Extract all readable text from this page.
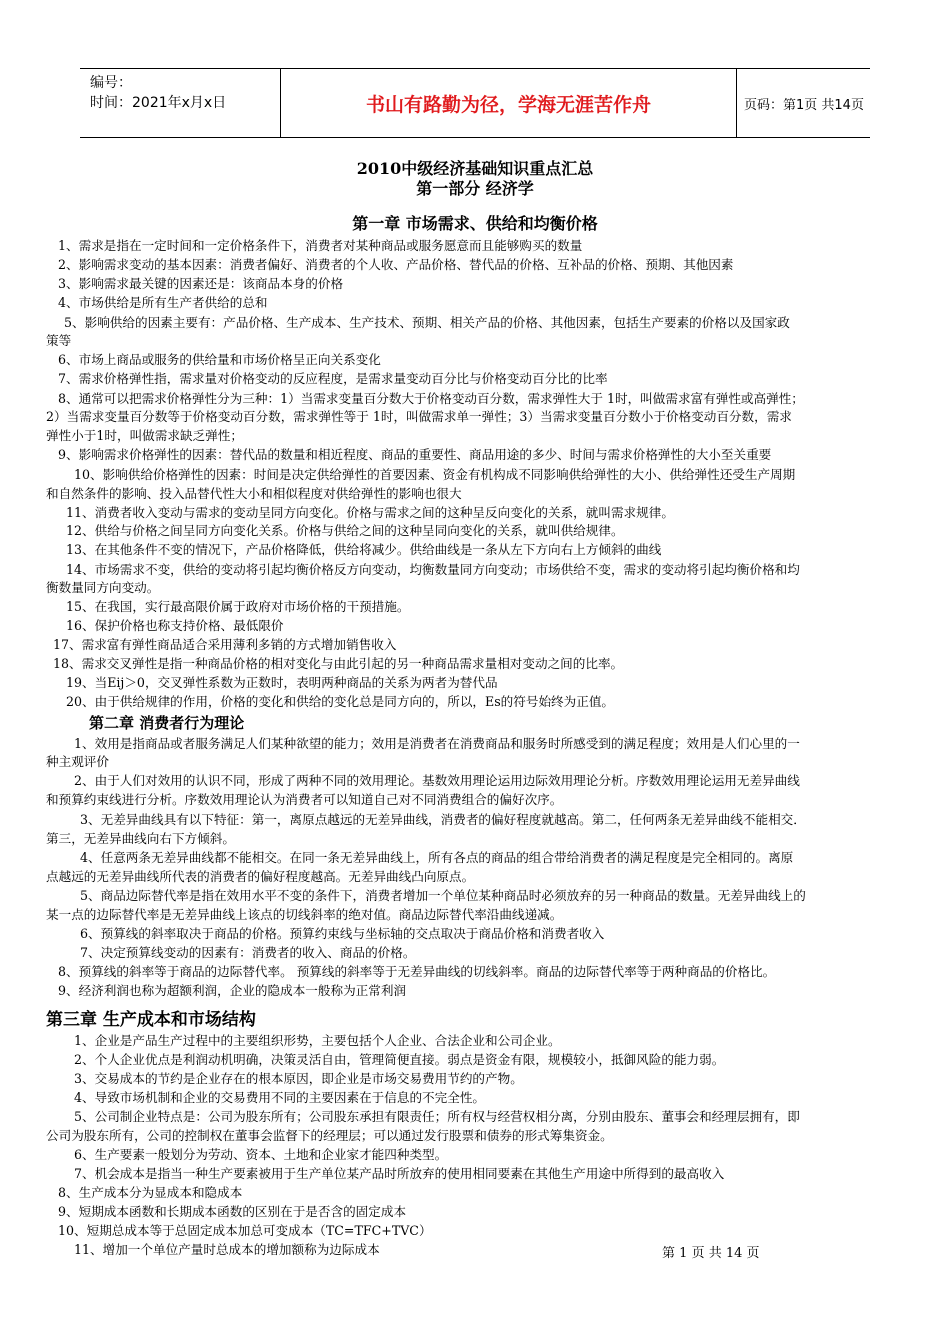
编号：
时间：2021年x月x日	书山有路勤为径，学海无涯苦作舟	页码：第1页 共14页
2010中级经济基础知识重点汇总
第一部分 经济学
第一章 市场需求、供给和均衡价格
1、需求是指在一定时间和一定价格条件下，消费者对某种商品或服务愿意而且能够购买的数量
2、影响需求变动的基本因素：消费者偏好、消费者的个人收、产品价格、替代品的价格、互补品的价格、预期、其他因素
3、影响需求最关键的因素还是：该商品本身的价格
4、市场供给是所有生产者供给的总和
5、影响供给的因素主要有：产品价格、生产成本、生产技术、预期、相关产品的价格、其他因素，包括生产要素的价格以及国家政
策等
6、市场上商品或服务的供给量和市场价格呈正向关系变化
7、需求价格弹性指，需求量对价格变动的反应程度，是需求量变动百分比与价格变动百分比的比率
8、通常可以把需求价格弹性分为三种：1）当需求变量百分数大于价格变动百分数，需求弹性大于 1时，叫做需求富有弹性或高弹性；
2）当需求变量百分数等于价格变动百分数，需求弹性等于 1时，叫做需求单一弹性；3）当需求变量百分数小于价格变动百分数，需求
弹性小于1时，叫做需求缺乏弹性；
9、影响需求价格弹性的因素：替代品的数量和相近程度、商品的重要性、商品用途的多少、时间与需求价格弹性的大小至关重要
10、影响供给价格弹性的因素：时间是决定供给弹性的首要因素、资金有机构成不同影响供给弹性的大小、供给弹性还受生产周期
和自然条件的影响、投入品替代性大小和相似程度对供给弹性的影响也很大
11、消费者收入变动与需求的变动呈同方向变化。价格与需求之间的这种呈反向变化的关系，就叫需求规律。
12、供给与价格之间呈同方向变化关系。价格与供给之间的这种呈同向变化的关系，就叫供给规律。
13、在其他条件不变的情况下，产品价格降低，供给将减少。供给曲线是一条从左下方向右上方倾斜的曲线
14、市场需求不变，供给的变动将引起均衡价格反方向变动，均衡数量同方向变动；市场供给不变，需求的变动将引起均衡价格和均
衡数量同方向变动。
15、在我国，实行最高限价属于政府对市场价格的干预措施。
16、保护价格也称支持价格、最低限价
17、需求富有弹性商品适合采用薄利多销的方式增加销售收入
18、需求交叉弹性是指一种商品价格的相对变化与由此引起的另一种商品需求量相对变动之间的比率。
19、当Eij＞0，交叉弹性系数为正数时，表明两种商品的关系为两者为替代品
20、由于供给规律的作用，价格的变化和供给的变化总是同方向的，所以，Es的符号始终为正值。
第二章 消费者行为理论
1、效用是指商品或者服务满足人们某种欲望的能力；效用是消费者在消费商品和服务时所感受到的满足程度；效用是人们心里的一
种主观评价
2、由于人们对效用的认识不同，形成了两种不同的效用理论。基数效用理论运用边际效用理论分析。序数效用理论运用无差异曲线
和预算约束线进行分析。序数效用理论认为消费者可以知道自己对不同消费组合的偏好次序。
3、无差异曲线具有以下特征：第一，离原点越远的无差异曲线，消费者的偏好程度就越高。第二，任何两条无差异曲线不能相交．
第三，无差异曲线向右下方倾斜。
4、任意两条无差异曲线都不能相交。在同一条无差异曲线上，所有各点的商品的组合带给消费者的满足程度是完全相同的。离原
点越远的无差异曲线所代表的消费者的偏好程度越高。无差异曲线凸向原点。
5、商品边际替代率是指在效用水平不变的条件下，消费者增加一个单位某种商品时必须放弃的另一种商品的数量。无差异曲线上的
某一点的边际替代率是无差异曲线上该点的切线斜率的绝对值。商品边际替代率沿曲线递减。
6、预算线的斜率取决于商品的价格。预算约束线与坐标轴的交点取决于商品价格和消费者收入
7、决定预算线变动的因素有：消费者的收入、商品的价格。
8、预算线的斜率等于商品的边际替代率。 预算线的斜率等于无差异曲线的切线斜率。商品的边际替代率等于两种商品的价格比。
9、经济利润也称为超额利润，企业的隐成本一般称为正常利润
第三章 生产成本和市场结构
1、企业是产品生产过程中的主要组织形势，主要包括个人企业、合法企业和公司企业。
2、个人企业优点是利润动机明确，决策灵活自由，管理简便直接。弱点是资金有限，规模较小，抵御风险的能力弱。
3、交易成本的节约是企业存在的根本原因，即企业是市场交易费用节约的产物。
4、导致市场机制和企业的交易费用不同的主要因素在于信息的不完全性。
5、公司制企业特点是：公司为股东所有；公司股东承担有限责任；所有权与经营权相分离，分别由股东、董事会和经理层拥有，即
公司为股东所有，公司的控制权在董事会监督下的经理层；可以通过发行股票和债券的形式筹集资金。
6、生产要素一般划分为劳动、资本、土地和企业家才能四种类型。
7、机会成本是指当一种生产要素被用于生产单位某产品时所放弃的使用相同要素在其他生产用途中所得到的最高收入
8、生产成本分为显成本和隐成本
9、短期成本函数和长期成本函数的区别在于是否含的固定成本
10、短期总成本等于总固定成本加总可变成本（TC=TFC+TVC）
11、增加一个单位产量时总成本的增加额称为边际成本	第 1 页 共 14 页
